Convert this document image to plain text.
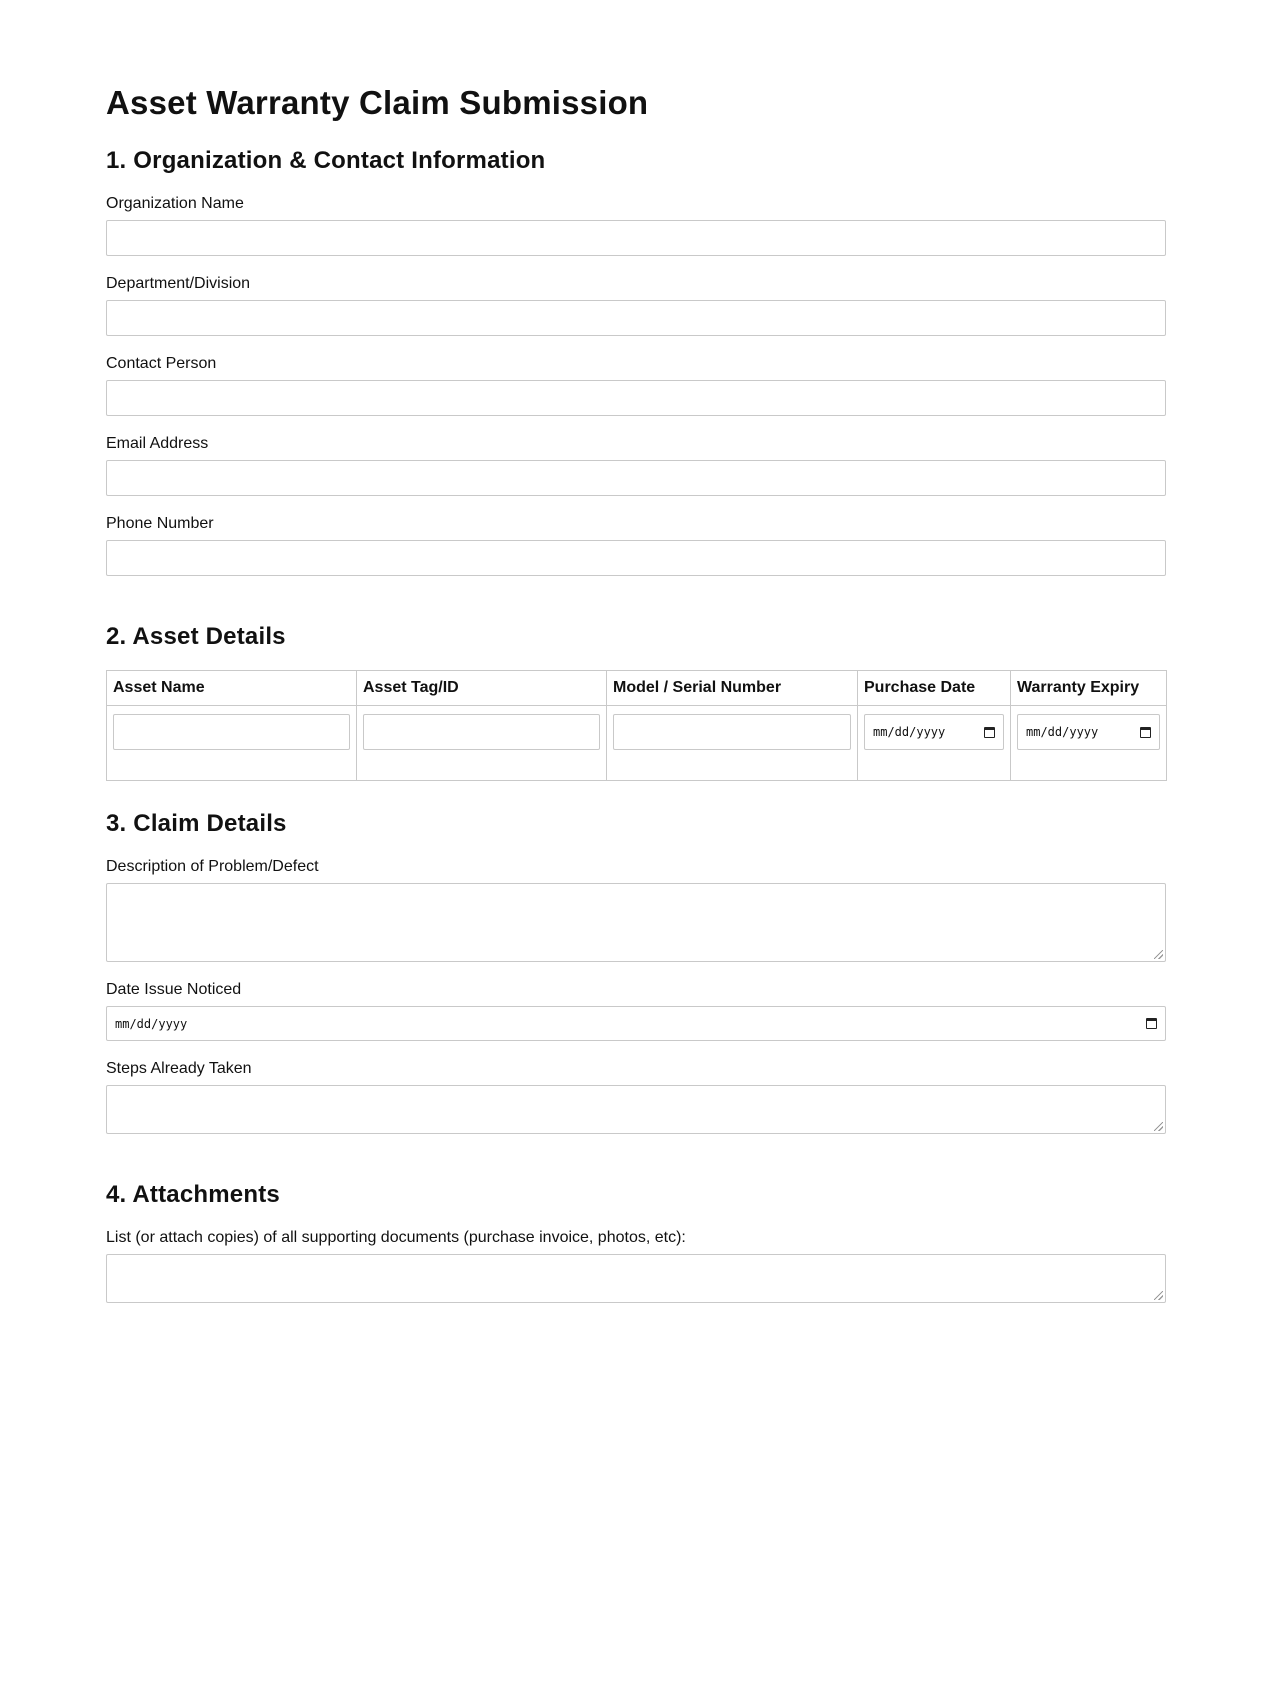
Asset Warranty Claim Submission
1. Organization & Contact Information
Organization Name
Department/Division
Contact Person
Email Address
Phone Number
2. Asset Details
Asset Name	Asset Tag/ID	Model / Serial Number	Purchase Date	Warranty Expiry

			mm/dd/yyyy	mm/dd/yyyy
3. Claim Details
Description of Problem/Defect
Date Issue Noticed
mm/dd/yyyy
Steps Already Taken
4. Attachments
List (or attach copies) of all supporting documents (purchase invoice, photos, etc):
